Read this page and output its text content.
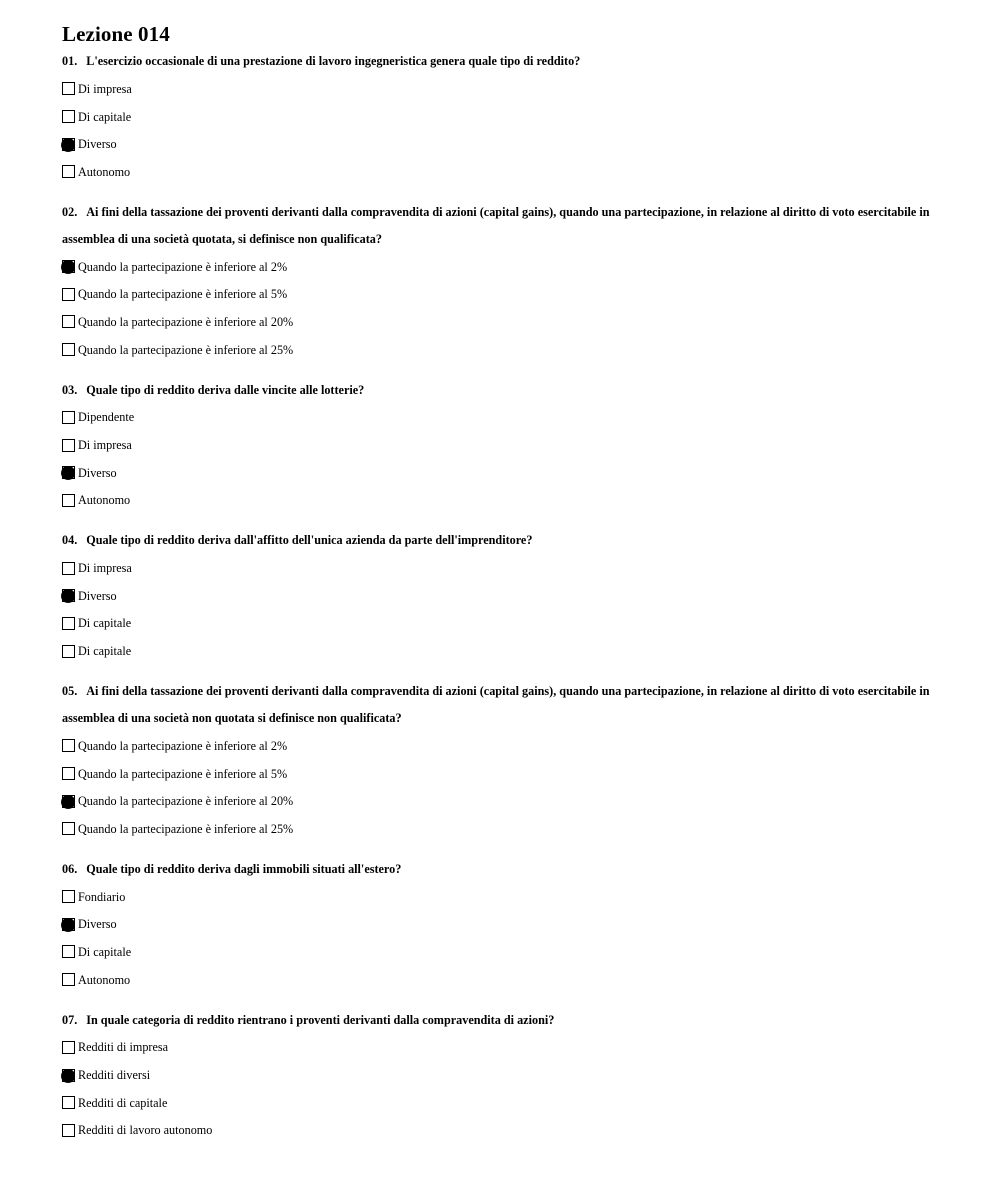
Lezione 014

01. L'esercizio occasionale di una prestazione di lavoro ingegneristica genera quale tipo di reddito?

Di impresa
Di capitale
Diverso
Autonomo

02. Ai fini della tassazione dei proventi derivanti dalla compravendita di azioni (capital gains), quando una partecipazione, in relazione al diritto di voto esercitabile in assemblea di una società quotata, si definisce non qualificata?

Quando la partecipazione è inferiore al 2%
Quando la partecipazione è inferiore al 5%
Quando la partecipazione è inferiore al 20%
Quando la partecipazione è inferiore al 25%

03. Quale tipo di reddito deriva dalle vincite alle lotterie?

Dipendente
Di impresa
Diverso
Autonomo

04. Quale tipo di reddito deriva dall'affitto dell'unica azienda da parte dell'imprenditore?

Di impresa
Diverso
Di capitale
Di capitale

05. Ai fini della tassazione dei proventi derivanti dalla compravendita di azioni (capital gains), quando una partecipazione, in relazione al diritto di voto esercitabile in assemblea di una società non quotata si definisce non qualificata?

Quando la partecipazione è inferiore al 2%
Quando la partecipazione è inferiore al 5%
Quando la partecipazione è inferiore al 20%
Quando la partecipazione è inferiore al 25%

06. Quale tipo di reddito deriva dagli immobili situati all'estero?

Fondiario
Diverso
Di capitale
Autonomo

07. In quale categoria di reddito rientrano i proventi derivanti dalla compravendita di azioni?

Redditi di impresa
Redditi diversi
Redditi di capitale
Redditi di lavoro autonomo
